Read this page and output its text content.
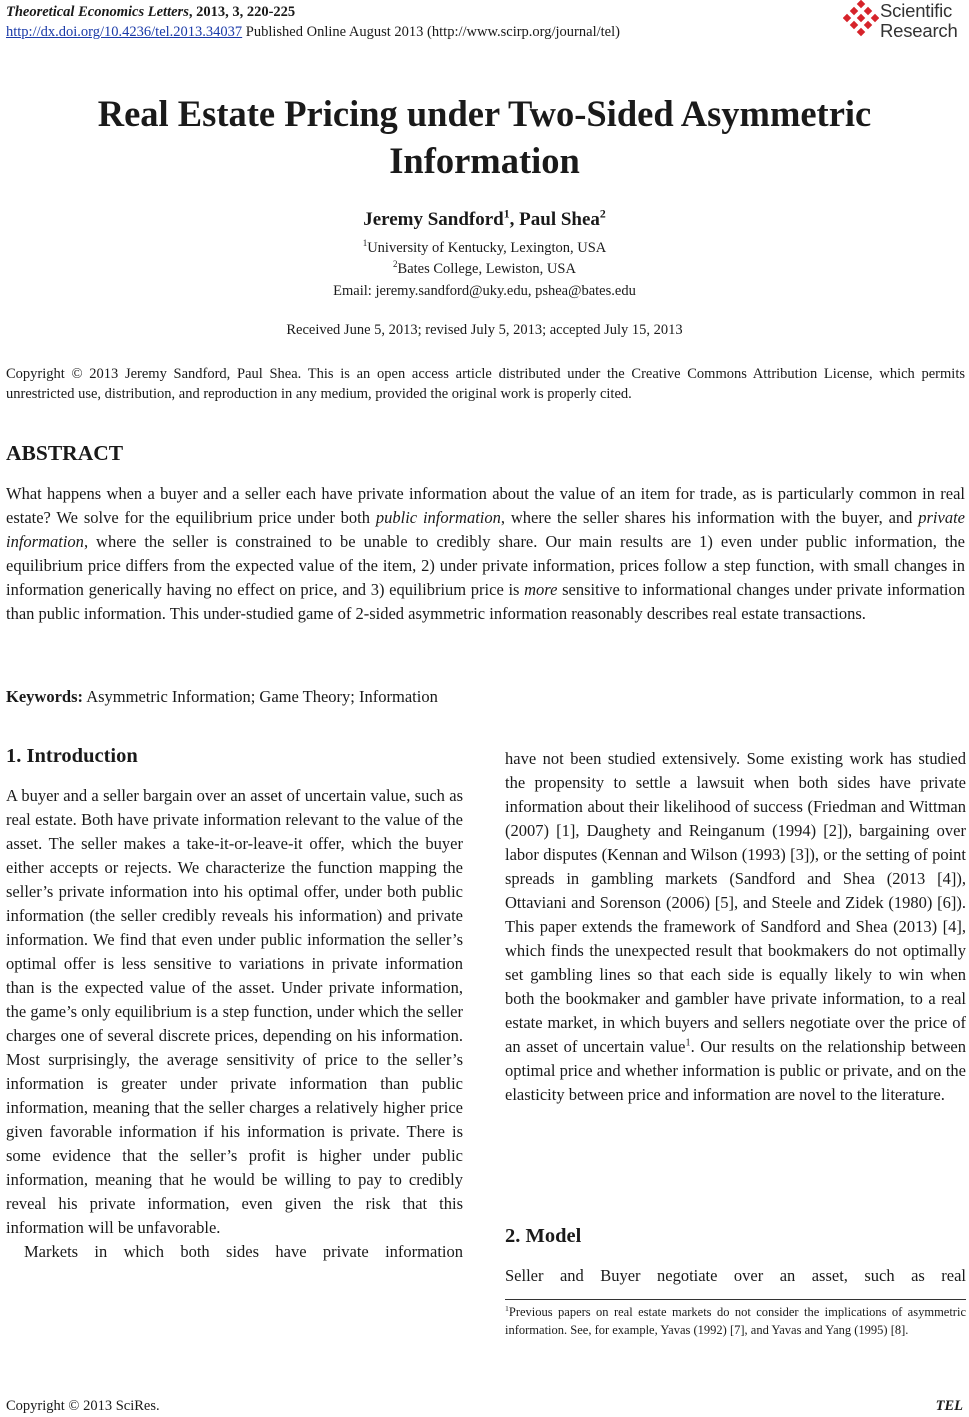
Theoretical Economics Letters, 2013, 3, 220-225
http://dx.doi.org/10.4236/tel.2013.34037 Published Online August 2013 (http://www.scirp.org/journal/tel)
Scientific
Research
Real Estate Pricing under Two-Sided Asymmetric
Information
Jeremy Sandford$^1$, Paul Shea$^2$
$^1$University of Kentucky, Lexington, USA
$^2$Bates College, Lewiston, USA
Email: jeremy.sandford@uky.edu, pshea@bates.edu
Received June 5, 2013; revised July 5, 2013; accepted July 15, 2013
Copyright © 2013 Jeremy Sandford, Paul Shea. This is an open access article distributed under the Creative Commons Attribution License, which permits unrestricted use, distribution, and reproduction in any medium, provided the original work is properly cited.
ABSTRACT
What happens when a buyer and a seller each have private information about the value of an item for trade, as is particularly common in real estate? We solve for the equilibrium price under both public information, where the seller shares his information with the buyer, and private information, where the seller is constrained to be unable to credibly share. Our main results are 1) even under public information, the equilibrium price differs from the expected value of the item, 2) under private information, prices follow a step function, with small changes in information generically having no effect on price, and 3) equilibrium price is more sensitive to informational changes under private information than public information. This under-studied game of 2-sided asymmetric information reasonably describes real estate transactions.
Keywords: Asymmetric Information; Game Theory; Information
1. Introduction
A buyer and a seller bargain over an asset of uncertain value, such as real estate. Both have private information relevant to the value of the asset. The seller makes a take-it-or-leave-it offer, which the buyer either accepts or rejects. We characterize the function mapping the seller’s private information into his optimal offer, under both public information (the seller credibly reveals his information) and private information. We find that even under public information the seller’s optimal offer is less sensitive to variations in private information than is the expected value of the asset. Under private information, the game’s only equilibrium is a step function, under which the seller charges one of several discrete prices, depending on his information. Most surprisingly, the average sensitivity of price to the seller’s information is greater under private information than public information, meaning that the seller charges a relatively higher price given favorable information if his information is private. There is some evidence that the seller’s profit is higher under public information, meaning that he would be willing to pay to credibly reveal his private information, even given the risk that this information will be unfavorable.
Markets in which both sides have private information
have not been studied extensively. Some existing work has studied the propensity to settle a lawsuit when both sides have private information about their likelihood of success (Friedman and Wittman (2007) [1], Daughety and Reinganum (1994) [2]), bargaining over labor disputes (Kennan and Wilson (1993) [3]), or the setting of point spreads in gambling markets (Sandford and Shea (2013 [4]), Ottaviani and Sorenson (2006) [5], and Steele and Zidek (1980) [6]). This paper extends the framework of Sandford and Shea (2013) [4], which finds the unexpected result that bookmakers do not optimally set gambling lines so that each side is equally likely to win when both the bookmaker and gambler have private information, to a real estate market, in which buyers and sellers negotiate over the price of an asset of uncertain value$^1$. Our results on the relationship between optimal price and whether information is public or private, and on the elasticity between price and information are novel to the literature.
2. Model
Seller and Buyer negotiate over an asset, such as real
$^1$Previous papers on real estate markets do not consider the implications of asymmetric information. See, for example, Yavas (1992) [7], and Yavas and Yang (1995) [8].
Copyright © 2013 SciRes.	TEL
